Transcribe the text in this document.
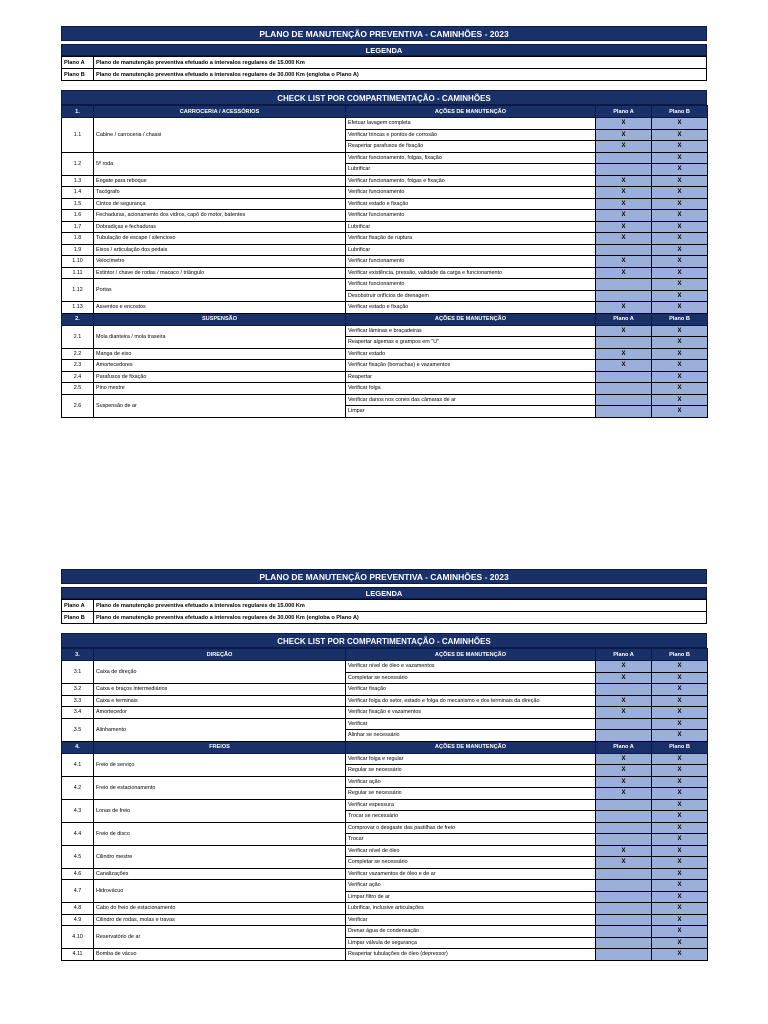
PLANO DE MANUTENÇÃO PREVENTIVA - CAMINHÕES - 2023
LEGENDA
Plano A	Plano de manutenção preventiva efetuado a intervalos regulares de 15.000 Km
Plano B	Plano de manutenção preventiva efetuado a intervalos regulares de 30.000 Km (engloba o Plano A)
CHECK LIST POR COMPARTIMENTAÇÃO - CAMINHÕES
1.	CARROCERIA / ACESSÓRIOS	AÇÕES DE MANUTENÇÃO	Plano A	Plano B
1.1	Cabine / carroceria / chassi	Efetuar lavagem completa	X	X
		Verificar trincas e pontos de corrosão	X	X
		Reapertar parafusos de fixação	X	X
1.2	5ª roda	Verificar funcionamento, folgas, fixação		X
		Lubrificar		X
1.3	Engate para reboque	Verificar funcionamento, folgas e fixação	X	X
1.4	Tacógrafo	Verificar funcionamento	X	X
1.5	Cintos de segurança	Verificar estado e fixação	X	X
1.6	Fechaduras, acionamento dos vidros, capô do motor, batentes	Verificar funcionamento	X	X
1.7	Dobradiças e fechaduras	Lubrificar	X	X
1.8	Tubulação de escape / silencioso	Verificar fixação de ruptura	X	X
1.9	Eixos / articulação dos pedais	Lubrificar		X
1.10	Velocímetro	Verificar funcionamento	X	X
1.11	Extintor / chave de rodas / macaco / triângulo	Verificar existência, pressão, validade da carga e funcionamento	X	X
1.12	Portas	Verificar funcionamento		X
		Desobstruir orifícios de drenagem		X
1.13	Assentos e encostos	Verificar estado e fixação	X	X
2.	SUSPENSÃO	AÇÕES DE MANUTENÇÃO	Plano A	Plano B
2.1	Mola dianteira / mola traseira	Verificar lâminas e braçadeiras	X	X
		Reapertar algemas e grampos em "U"		X
2.2	Manga de eixo	Verificar estado	X	X
2.3	Amortecedores	Verificar fixação (borrachas) e vazamentos	X	X
2.4	Parafusos de fixação	Reapertar		X
2.5	Pino mestre	Verificar folga		X
2.6	Suspensão de ar	Verificar danos nos cones das câmaras de ar		X
		Limpar		X
PLANO DE MANUTENÇÃO PREVENTIVA - CAMINHÕES - 2023
LEGENDA
Plano A	Plano de manutenção preventiva efetuado a intervalos regulares de 15.000 Km
Plano B	Plano de manutenção preventiva efetuado a intervalos regulares de 30.000 Km (engloba o Plano A)
CHECK LIST POR COMPARTIMENTAÇÃO - CAMINHÕES
3.	DIREÇÃO	AÇÕES DE MANUTENÇÃO	Plano A	Plano B
3.1	Caixa de direção	Verificar nível de óleo e vazamentos	X	X
		Completar se necessário	X	X
3.2	Caixa e braços intermediários	Verificar fixação		X
3.3	Caixa e terminais	Verificar folga do setor, estado e folga do mecanismo e dos terminais da direção	X	X
3.4	Amortecedor	Verificar fixação e vazamentos	X	X
3.5	Alinhamento	Verificar		X
		Alinhar se necessário		X
4.	FREIOS	AÇÕES DE MANUTENÇÃO	Plano A	Plano B
4.1	Freio de serviço	Verificar folga e regular	X	X
		Regular se necessário	X	X
4.2	Freio de estacionamento	Verificar ação	X	X
		Regular se necessário	X	X
4.3	Lonas de freio	Verificar espessura		X
		Trocar se necessário		X
4.4	Freio de disco	Comprovar o desgaste das pastilhas de freio		X
		Trocar		X
4.5	Cilindro mestre	Verificar nível de óleo	X	X
		Completar se necessário	X	X
4.6	Canalizações	Verificar vazamentos de óleo e de ar		X
4.7	Hidrovácuo	Verificar ação		X
		Limpar filtro de ar		X
4.8	Cabo do freio de estacionamento	Lubrificar, inclusive articulações		X
4.9	Cilindro de rodas, molas e travas	Verificar		X
4.10	Reservatório de ar	Drenar água de condensação		X
		Limpar válvula de segurança		X
4.11	Bomba de vácuo	Reapertar tubulações de óleo (depressor)		X
